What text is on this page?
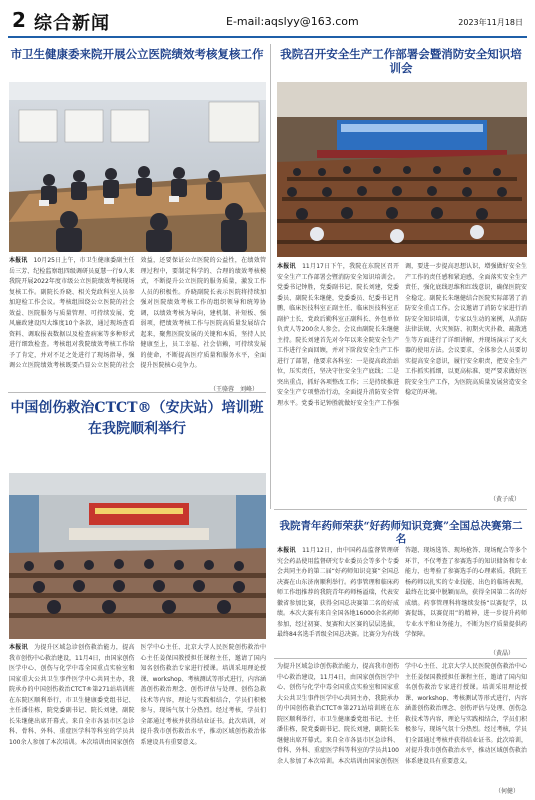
2 综合新闻	E-mail:aqslyy@163.com	2023年11月18日
市卫生健康委来院开展公立医院绩效考核复核工作
本报讯　 10月25日上午，市卫生健康委副主任岳三芳、纪检监察组四级调研员夏慧一行9人来我院开展2022年度市级公立医院绩效考核现场复核工作。副院长乔晓、相关党政科室人员参加迎检工作会议。考核组围绕公立医院的社会效益、医院服务与质量管理、可持续发展、党风廉政建设四大维度10个条款，通过现场查看资料、调取报表数据以及检查病案等多种形式进行细致检查。考核组对我院绩效考核工作给予了肯定，并对不足之处进行了现场指导，强调公立医院绩效考核既要凸显公立医院的社会效益，还要保证公立医院的公益性，在绩效管理过程中，要制定科学的、合理的绩效考核模式，不断提升公立医院的服务质量，激发工作人员的积极性。乔晓副院长表示医院将持续加强对医院绩效考核工作的组织领导和统筹协调，以绩效考核为导向，建机制、补短板、强弱项，把绩效考核工作与医院高质量发展结合起来，聚焦医院发展的关键和本质，坚持人民健康至上，员工幸福、社会信赖，可持续发展的使命，不断提高医疗质量和服务水平，全面提升医院核心竞争力。
（王骆蓉　刘峰）
我院召开安全生产工作部署会暨消防安全知识培训会
本报讯　 11月17日下午，我院在东院区召开安全生产工作部署会暨消防安全知识培训会。党委书记钟胜，党委副书记、院长刘建，党委委员、副院长朱继健，党委委员、纪委书记肖鹏，临床医技科室正副主任、临床医技科室正副护士长、党政后勤科室正副科长、外包单位负责人等200余人参会。会议由副院长朱继健主持。院长刘建首先对今年以来全院安全生产工作进行全面回顾，并对下阶段安全生产工作进行了部署，他要求各科室：一是提高政治站位，压实责任，坚决守住安全生产底线；二是突出重点，抓好各项整改工作；三是持续推进安全生产专项整治行动，全面提升消防安全管理水平。党委书记钟胜就做好安全生产工作强调，要进一步提高思想认识，增强做好安全生产工作的责任感和紧迫感，全面落实安全生产责任，强化底线思维和红线意识，确保医院安全稳定。副院长朱继健结合医院实际部署了消防安全重点工作。会议邀请了消防专家进行消防安全知识培训，专家以生动的案例，从消防法律法规、火灾预防、初期火灾扑救、疏散逃生等方面进行了详细讲解，并现场演示了灭火器的使用方法。会议要求，全体参会人员要切实提高安全意识，履行安全职责，把安全生产工作抓实抓细，以更高标准、更严要求做好医院安全生产工作，为医院高质量发展营造安全稳定的环境。
（黄子成）
中国创伤救治CTCT®（安庆站）培训班
在我院顺利举行
本报讯　 为提升区域急诊创伤救治能力，提高我市创伤中心救治建设，11月4日，由国家创伤医学中心、创伤与化学中毒全国重点实验室和国家重大公共卫生事件医学中心共同主办，我院承办的中国创伤救治CTCT®第271站培训班在东院区顺利举行，市卫生健康委党组书记、主任潘佳栋，院党委副书记、院长刘建，副院长朱继健出席开幕式。来自全市各县市区急诊科、骨科、外科、重症医学科等科室的学员共100余人参加了本次培训。本次培训由国家创伤医学中心主任、北京大学人民医院创伤救治中心主任姜保国教授担任课程主任，邀请了国内知名创伤救治专家进行授课。培训采用理论授课、workshop、考核测试等形式进行，内容涵盖创伤救治理念、创伤评估与处理、创伤急救技术等内容，理论与实践相结合，学员们积极参与，现场气氛十分热烈。经过考核，学员们全部通过考核并获得结业证书。此次培训，对提升我市创伤救治水平，推动区域创伤救治体系建设具有重要意义。
我院青年药师荣获“好药师知识竞赛”全国总决赛第二名
本报讯　 11月12日，由中国药品监督管理研究会药品使用监督研究专业委员会等多个专委会共同主办的第二届“好药师知识竞赛”全国总决赛在山东济南顺利举行。药事管理和临床药师工作组推荐的我院青年药师杨溢瑞，代表安徽省参加比赛，获得全国总决赛第二名的好成绩。本次大赛有来自全国各地16000余名药师参加，经过初赛、复赛和大区赛的层层选拔，最终84名选手晋级全国总决赛。比赛分为有线答题、现场选答、现场抢答、现场配合等多个环节，不仅考查了参赛选手的知识储备和专业能力，也考验了参赛选手的心理素质。我院王杨药师以扎实的专业技能、出色的临场表现，最终在比赛中脱颖而出，获得全国第二名的好成绩。药事管理科将继续发扬“以赛促学，以赛促练，以赛促用”的精神，进一步提升药师专业水平和业务能力，不断为医疗质量提供药学保障。
（黄晶）
为提升区域急诊创伤救治能力，提高我市创伤中心救治建设，11月4日，由国家创伤医学中心、创伤与化学中毒全国重点实验室和国家重大公共卫生事件医学中心共同主办，我院承办的中国创伤救治CTCT®第271站培训班在东院区顺利举行，市卫生健康委党组书记、主任潘佳栋，院党委副书记、院长刘建，副院长朱继健出席开幕式。来自全市各县市区急诊科、骨科、外科、重症医学科等科室的学员共100余人参加了本次培训。本次培训由国家创伤医学中心主任、北京大学人民医院创伤救治中心主任姜保国教授担任课程主任，邀请了国内知名创伤救治专家进行授课。培训采用理论授课、workshop、考核测试等形式进行，内容涵盖创伤救治理念、创伤评估与处理、创伤急救技术等内容，理论与实践相结合，学员们积极参与，现场气氛十分热烈。经过考核，学员们全部通过考核并获得结业证书。此次培训，对提升我市创伤救治水平，推动区域创伤救治体系建设具有重要意义。
（何健）
